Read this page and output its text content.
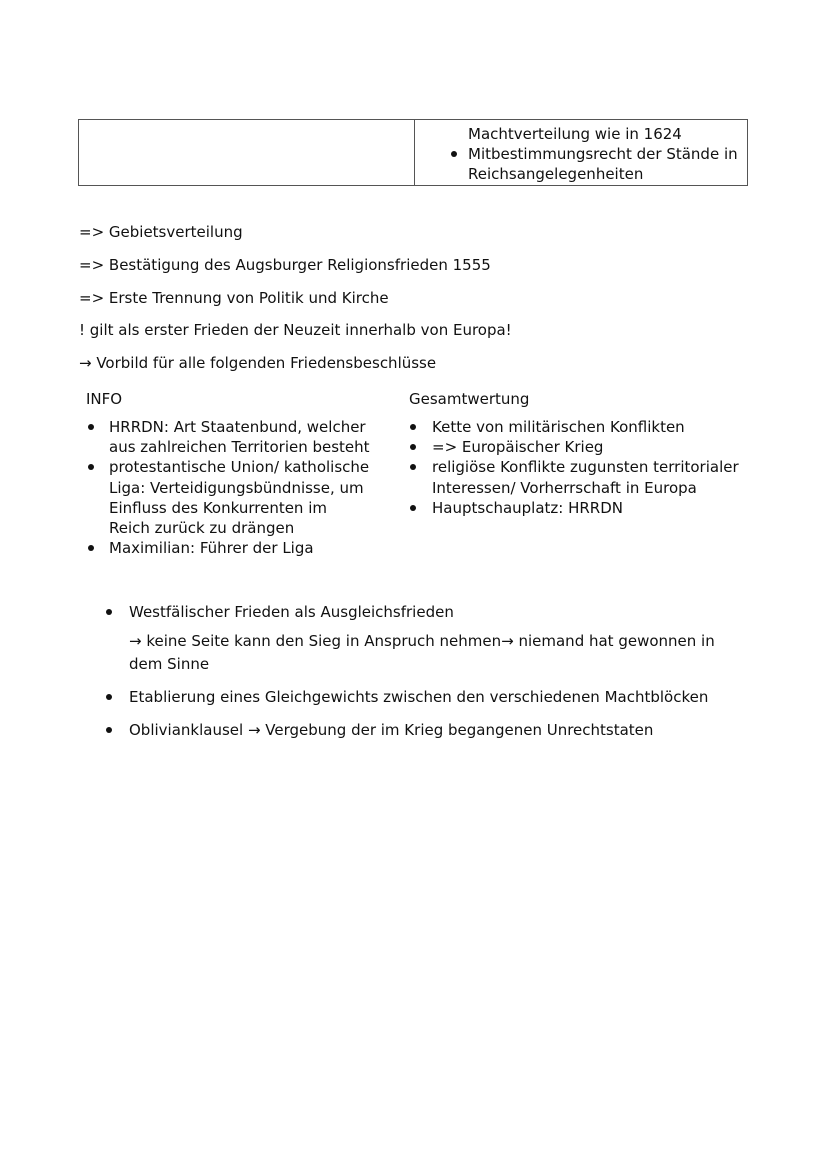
Machtverteilung wie in 1624
Mitbestimmungsrecht der Stände in
Reichsangelegenheiten
=> Gebietsverteilung
=> Bestätigung des Augsburger Religionsfrieden 1555
=> Erste Trennung von Politik und Kirche
! gilt als erster Frieden der Neuzeit innerhalb von Europa!
→ Vorbild für alle folgenden Friedensbeschlüsse
INFO
HRRDN: Art Staatenbund, welcher
aus zahlreichen Territorien besteht
protestantische Union/ katholische
Liga: Verteidigungsbündnisse, um
Einfluss des Konkurrenten im
Reich zurück zu drängen
Maximilian: Führer der Liga
Gesamtwertung
Kette von militärischen Konflikten
=> Europäischer Krieg
religiöse Konflikte zugunsten territorialer
Interessen/ Vorherrschaft in Europa
Hauptschauplatz: HRRDN
Westfälischer Frieden als Ausgleichsfrieden
→ keine Seite kann den Sieg in Anspruch nehmen→ niemand hat gewonnen in
dem Sinne
Etablierung eines Gleichgewichts zwischen den verschiedenen Machtblöcken
Oblivianklausel → Vergebung der im Krieg begangenen Unrechtstaten
